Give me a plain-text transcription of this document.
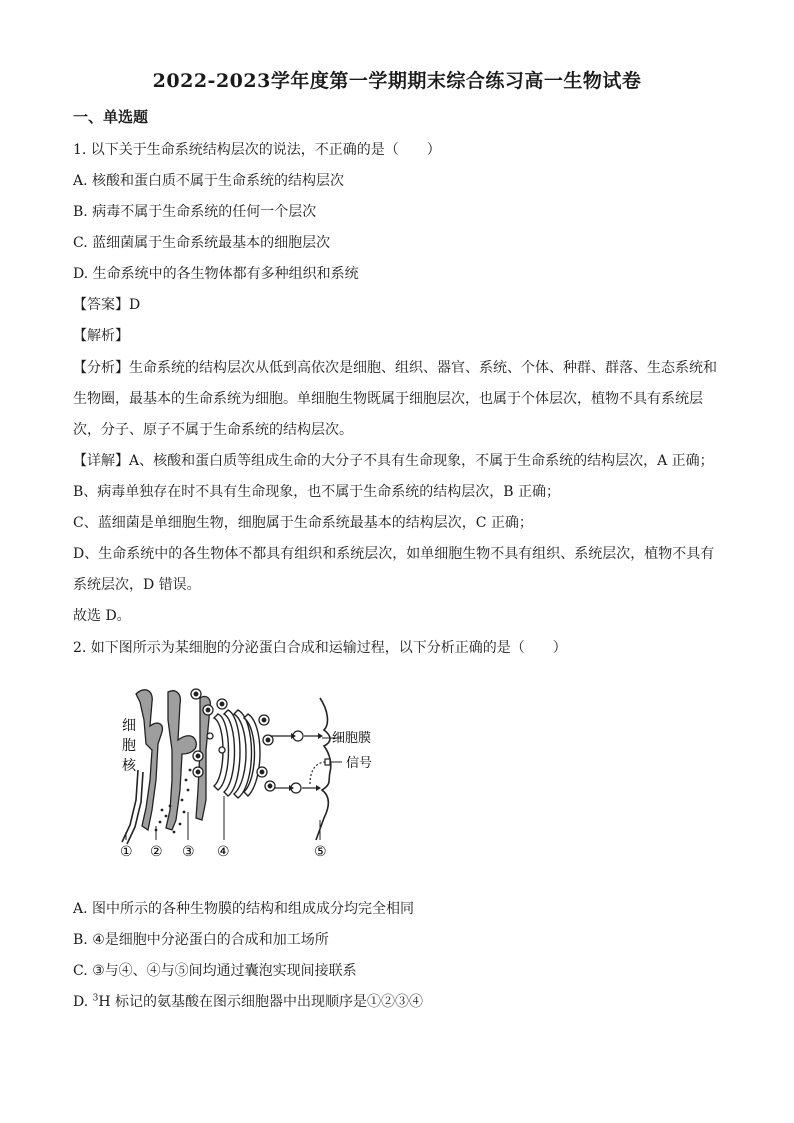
2022-2023学年度第一学期期末综合练习高一生物试卷
一、单选题
1. 以下关于生命系统结构层次的说法，不正确的是（　　）
A. 核酸和蛋白质不属于生命系统的结构层次
B. 病毒不属于生命系统的任何一个层次
C. 蓝细菌属于生命系统最基本的细胞层次
D. 生命系统中的各生物体都有多种组织和系统
【答案】D
【解析】
【分析】生命系统的结构层次从低到高依次是细胞、组织、器官、系统、个体、种群、群落、生态系统和
生物圈，最基本的生命系统为细胞。单细胞生物既属于细胞层次，也属于个体层次，植物不具有系统层
次，分子、原子不属于生命系统的结构层次。
【详解】A、核酸和蛋白质等组成生命的大分子不具有生命现象，不属于生命系统的结构层次，A 正确；
B、病毒单独存在时不具有生命现象，也不属于生命系统的结构层次，B 正确；
C、蓝细菌是单细胞生物，细胞属于生命系统最基本的结构层次，C 正确；
D、生命系统中的各生物体不都具有组织和系统层次，如单细胞生物不具有组织、系统层次，植物不具有
系统层次，D 错误。
故选 D。
2. 如下图所示为某细胞的分泌蛋白合成和运输过程，以下分析正确的是（　　）
细
胞
核
细胞膜
信号
① ② ③ ④	⑤
A. 图中所示的各种生物膜的结构和组成成分均完全相同
B. ④是细胞中分泌蛋白的合成和加工场所
C. ③与④、④与⑤间均通过囊泡实现间接联系
D. $^3$H 标记的氨基酸在图示细胞器中出现顺序是①②③④
